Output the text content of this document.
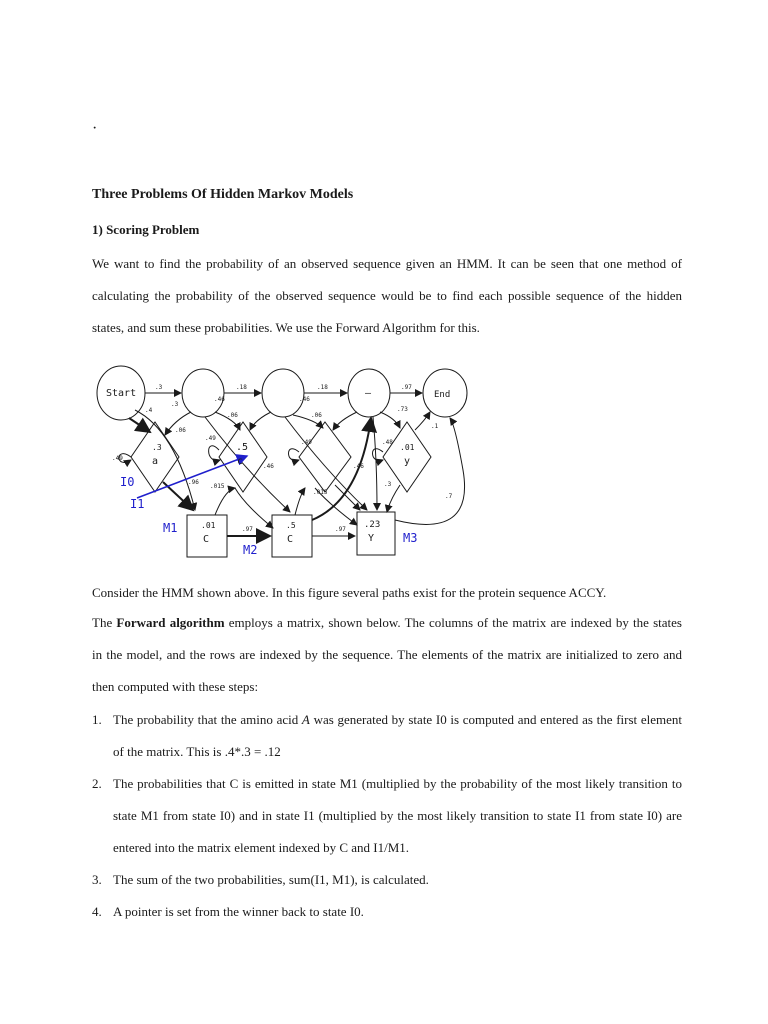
·
Three Problems Of Hidden Markov Models
1) Scoring Problem

We want to find the probability of an observed sequence given an HMM. It can be seen that one method of calculating the probability of the observed sequence would be to find each possible sequence of the hidden states, and sum these probabilities. We use the Forward Algorithm for this.

Start	–	End
.3
a
.5
c
.01
y
.01
C
.5
C
.23
Y
I0
I1
M1
M2
M3
.3	.18	.18	.97
.4
.3
.06
.46
.06
.46
.06
.73
.1
.49
.49
.49	.48
.96
.015
.46
.015
.46
.3
.97	.97
.7

Consider the HMM shown above. In this figure several paths exist for the protein sequence ACCY.

The Forward algorithm employs a matrix, shown below. The columns of the matrix are indexed by the states
in the model, and the rows are indexed by the sequence. The elements of the matrix are initialized to zero and
then computed with these steps:

1. The probability that the amino acid A was generated by state I0 is computed and entered as the first element of the matrix. This is .4*.3 = .12
2. The probabilities that C is emitted in state M1 (multiplied by the probability of the most likely transition to state M1 from state I0) and in state I1 (multiplied by the most likely transition to state I1 from state I0) are entered into the matrix element indexed by C and I1/M1.
3. The sum of the two probabilities, sum(I1, M1), is calculated.
4. A pointer is set from the winner back to state I0.
